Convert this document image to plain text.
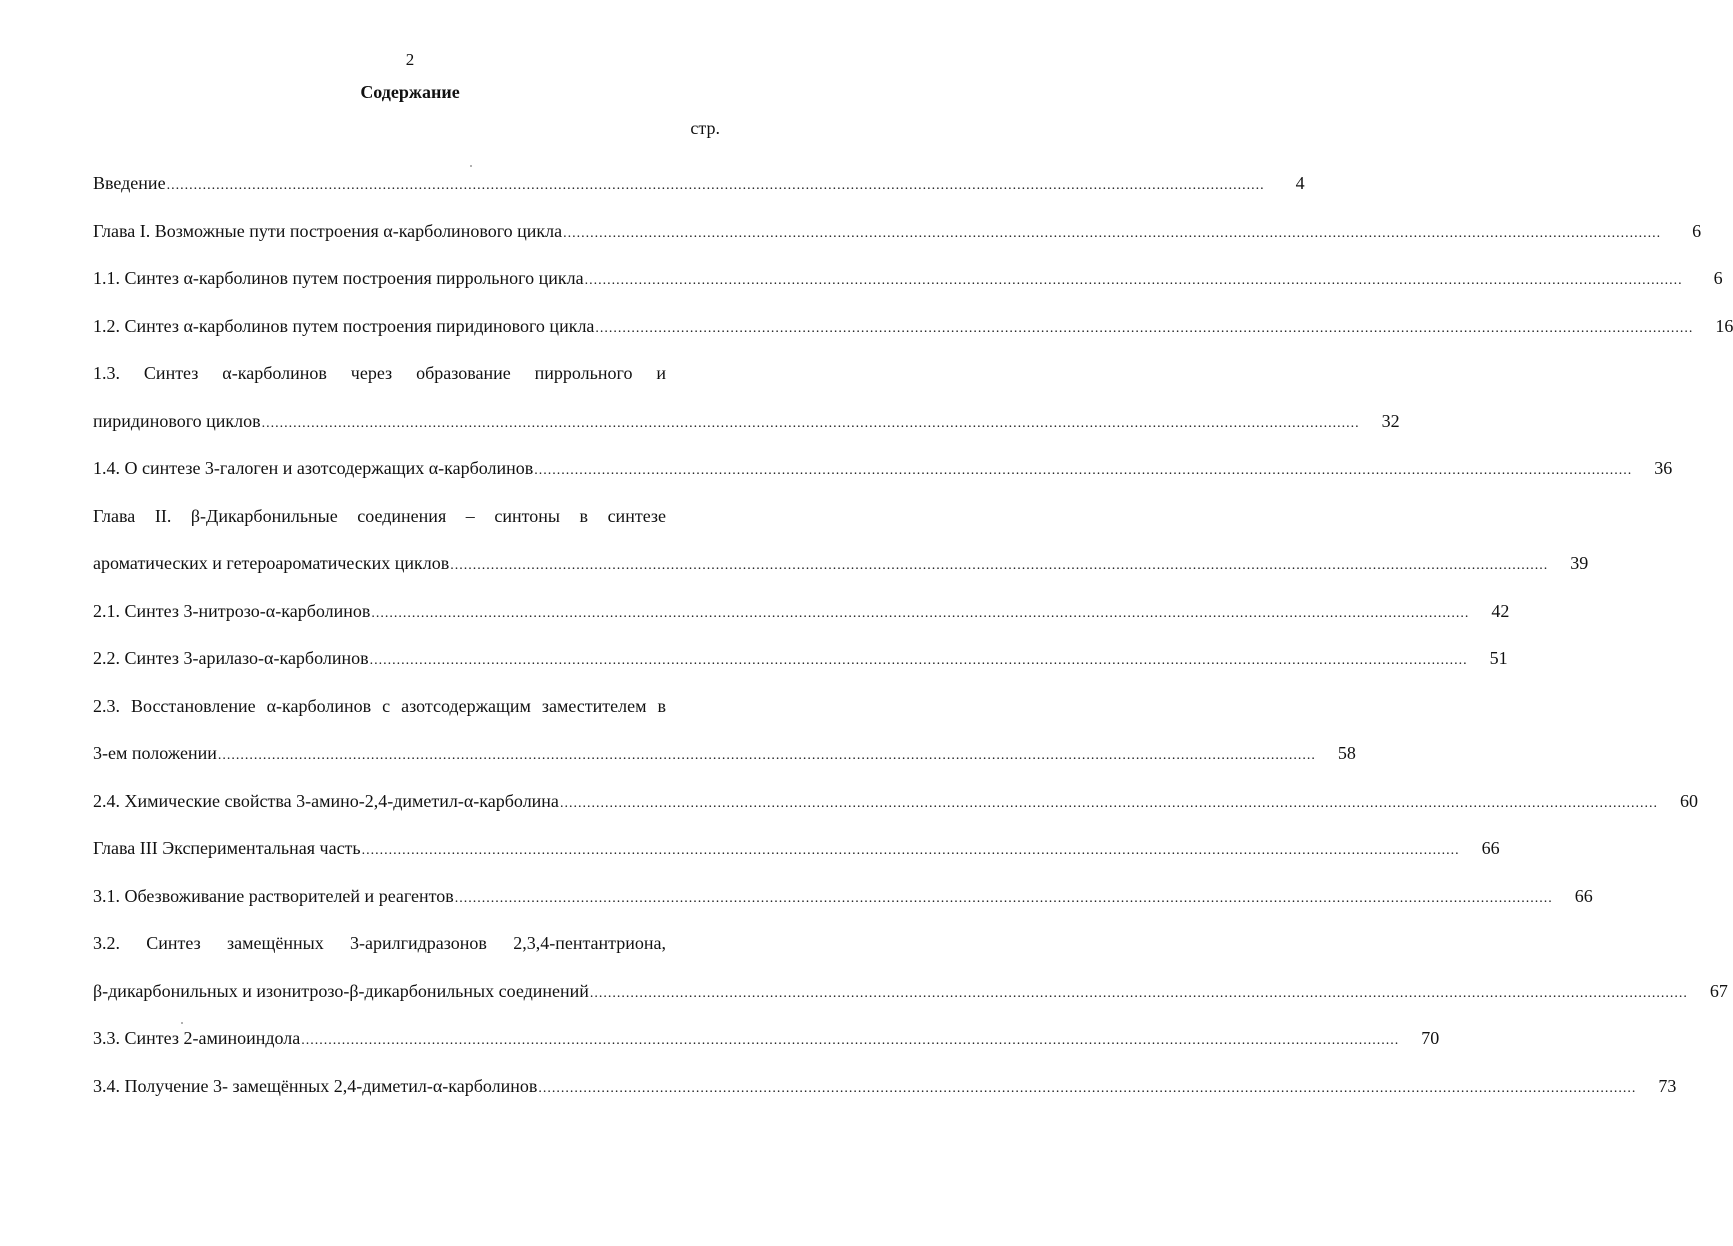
2
Содержание
стр.
Введение .....	4
Глава I. Возможные пути построения α-карболинового цикла .....	6
1.1. Синтез α-карболинов путем построения пиррольного цикла .....	6
1.2. Синтез α-карболинов путем построения пиридинового цикла .....	16
1.3. Синтез α-карболинов через образование пиррольного и
пиридинового циклов .....	32
1.4. О синтезе 3-галоген и азотсодержащих α-карболинов .....	36
Глава II. β-Дикарбонильные соединения – синтоны в синтезе
ароматических и гетероароматических циклов .....	39
2.1. Синтез 3-нитрозо-α-карболинов .....	42
2.2. Синтез 3-арилазо-α-карболинов .....	51
2.3. Восстановление α-карболинов с азотсодержащим заместителем в
3-ем положении .....	58
2.4. Химические свойства 3-амино-2,4-диметил-α-карболина .....	60
Глава III Экспериментальная часть .....	66
3.1. Обезвоживание растворителей и реагентов .....	66
3.2. Синтез замещённых 3-арилгидразонов 2,3,4-пентантриона,
β-дикарбонильных и изонитрозо-β-дикарбонильных соединений .....	67
3.3. Синтез 2-аминоиндола .....	70
3.4. Получение 3- замещённых 2,4-диметил-α-карболинов .....	73
